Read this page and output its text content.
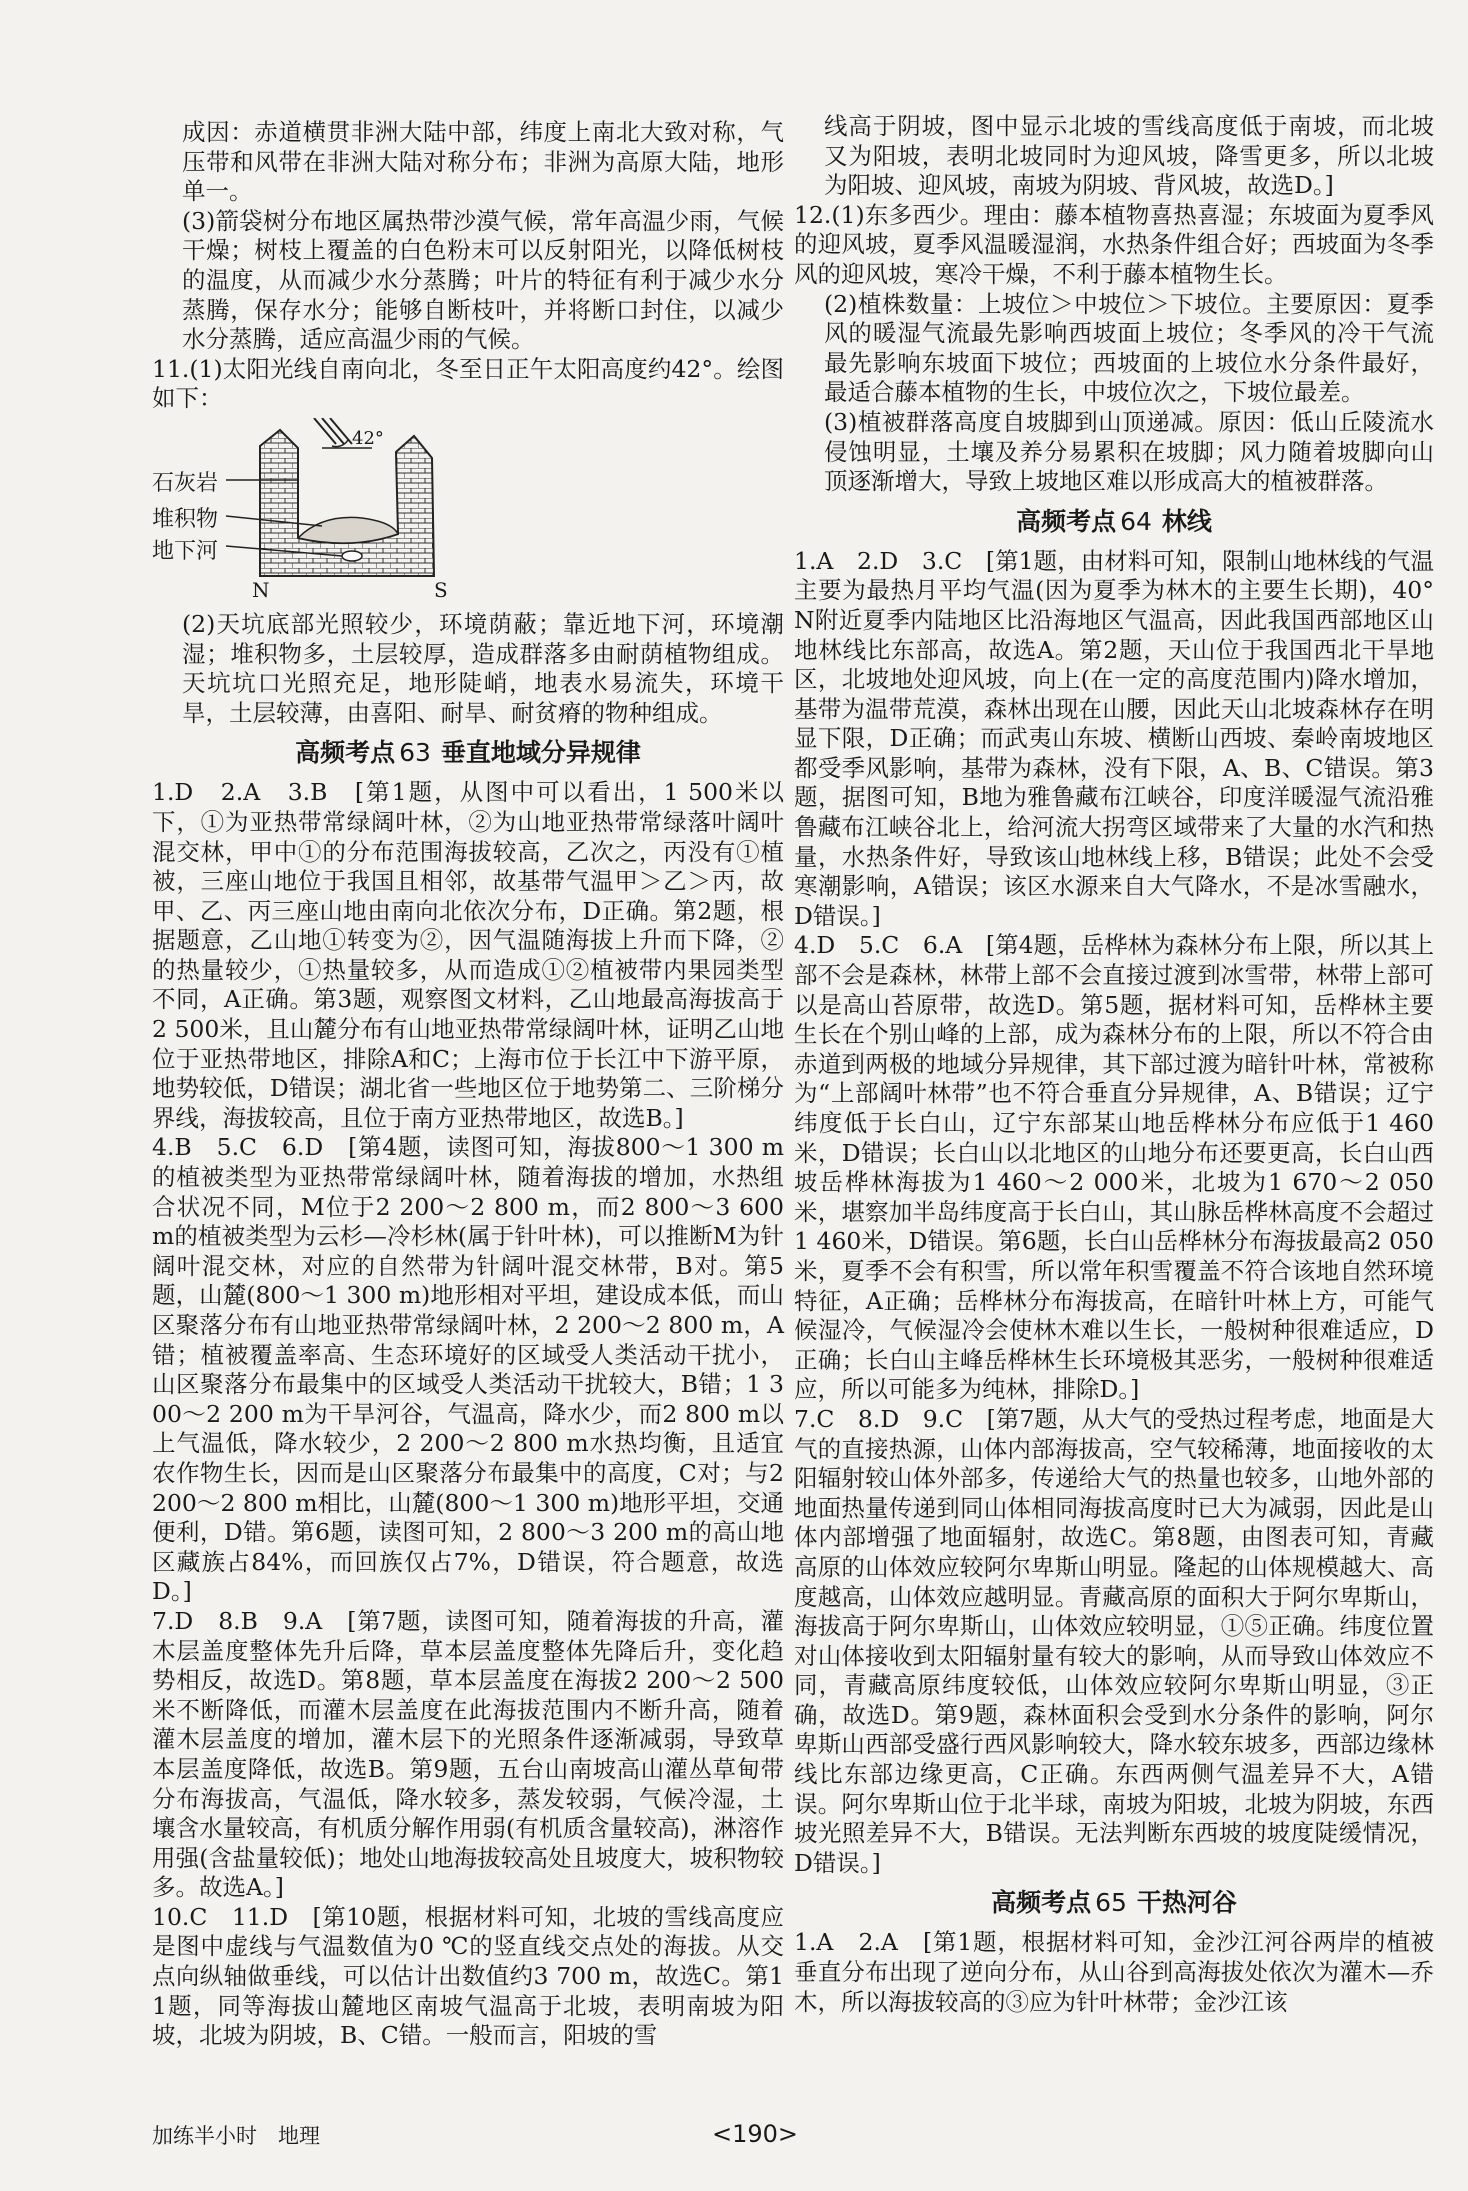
成因：赤道横贯非洲大陆中部，纬度上南北大致对称，气压带和风带在非洲大陆对称分布；非洲为高原大陆，地形单一。

(3)箭袋树分布地区属热带沙漠气候，常年高温少雨，气候干燥；树枝上覆盖的白色粉末可以反射阳光，以降低树枝的温度，从而减少水分蒸腾；叶片的特征有利于减少水分蒸腾，保存水分；能够自断枝叶，并将断口封住，以减少水分蒸腾，适应高温少雨的气候。

11.(1)太阳光线自南向北，冬至日正午太阳高度约42°。绘图如下：

石灰岩
堆积物
地下河
42°
N	S

(2)天坑底部光照较少，环境荫蔽；靠近地下河，环境潮湿；堆积物多，土层较厚，造成群落多由耐荫植物组成。天坑坑口光照充足，地形陡峭，地表水易流失，环境干旱，土层较薄，由喜阳、耐旱、耐贫瘠的物种组成。

高频考点 63 垂直地域分异规律

1.D　2.A　3.B　[第1题，从图中可以看出，1 500米以下，①为亚热带常绿阔叶林，②为山地亚热带常绿落叶阔叶混交林，甲中①的分布范围海拔较高，乙次之，丙没有①植被，三座山地位于我国且相邻，故基带气温甲＞乙＞丙，故甲、乙、丙三座山地由南向北依次分布，D正确。第2题，根据题意，乙山地①转变为②，因气温随海拔上升而下降，②的热量较少，①热量较多，从而造成①②植被带内果园类型不同，A正确。第3题，观察图文材料，乙山地最高海拔高于2 500米，且山麓分布有山地亚热带常绿阔叶林，证明乙山地位于亚热带地区，排除A和C；上海市位于长江中下游平原，地势较低，D错误；湖北省一些地区位于地势第二、三阶梯分界线，海拔较高，且位于南方亚热带地区，故选B。]

4.B　5.C　6.D　[第4题，读图可知，海拔800～1 300 m的植被类型为亚热带常绿阔叶林，随着海拔的增加，水热组合状况不同，M位于2 200～2 800 m，而2 800～3 600 m的植被类型为云杉—冷杉林(属于针叶林)，可以推断M为针阔叶混交林，对应的自然带为针阔叶混交林带，B对。第5题，山麓(800～1 300 m)地形相对平坦，建设成本低，而山区聚落分布有山地亚热带常绿阔叶林，2 200～2 800 m，A错；植被覆盖率高、生态环境好的区域受人类活动干扰小，山区聚落分布最集中的区域受人类活动干扰较大，B错；1 300～2 200 m为干旱河谷，气温高，降水少，而2 800 m以上气温低，降水较少，2 200～2 800 m水热均衡，且适宜农作物生长，因而是山区聚落分布最集中的高度，C对；与2 200～2 800 m相比，山麓(800～1 300 m)地形平坦，交通便利，D错。第6题，读图可知，2 800～3 200 m的高山地区藏族占84%，而回族仅占7%，D错误，符合题意，故选D。]

7.D　8.B　9.A　[第7题，读图可知，随着海拔的升高，灌木层盖度整体先升后降，草本层盖度整体先降后升，变化趋势相反，故选D。第8题，草本层盖度在海拔2 200～2 500米不断降低，而灌木层盖度在此海拔范围内不断升高，随着灌木层盖度的增加，灌木层下的光照条件逐渐减弱，导致草本层盖度降低，故选B。第9题，五台山南坡高山灌丛草甸带分布海拔高，气温低，降水较多，蒸发较弱，气候冷湿，土壤含水量较高，有机质分解作用弱(有机质含量较高)，淋溶作用强(含盐量较低)；地处山地海拔较高处且坡度大，坡积物较多。故选A。]

10.C　11.D　[第10题，根据材料可知，北坡的雪线高度应是图中虚线与气温数值为0 ℃的竖直线交点处的海拔。从交点向纵轴做垂线，可以估计出数值约3 700 m，故选C。第11题，同等海拔山麓地区南坡气温高于北坡，表明南坡为阳坡，北坡为阴坡，B、C错。一般而言，阳坡的雪

线高于阴坡，图中显示北坡的雪线高度低于南坡，而北坡又为阳坡，表明北坡同时为迎风坡，降雪更多，所以北坡为阳坡、迎风坡，南坡为阴坡、背风坡，故选D。]

12.(1)东多西少。理由：藤本植物喜热喜湿；东坡面为夏季风的迎风坡，夏季风温暖湿润，水热条件组合好；西坡面为冬季风的迎风坡，寒冷干燥，不利于藤本植物生长。

(2)植株数量：上坡位＞中坡位＞下坡位。主要原因：夏季风的暖湿气流最先影响西坡面上坡位；冬季风的冷干气流最先影响东坡面下坡位；西坡面的上坡位水分条件最好，最适合藤本植物的生长，中坡位次之，下坡位最差。

(3)植被群落高度自坡脚到山顶递减。原因：低山丘陵流水侵蚀明显，土壤及养分易累积在坡脚；风力随着坡脚向山顶逐渐增大，导致上坡地区难以形成高大的植被群落。

高频考点 64 林线

1.A　2.D　3.C　[第1题，由材料可知，限制山地林线的气温主要为最热月平均气温(因为夏季为林木的主要生长期)，40°N附近夏季内陆地区比沿海地区气温高，因此我国西部地区山地林线比东部高，故选A。第2题，天山位于我国西北干旱地区，北坡地处迎风坡，向上(在一定的高度范围内)降水增加，基带为温带荒漠，森林出现在山腰，因此天山北坡森林存在明显下限，D正确；而武夷山东坡、横断山西坡、秦岭南坡地区都受季风影响，基带为森林，没有下限，A、B、C错误。第3题，据图可知，B地为雅鲁藏布江峡谷，印度洋暖湿气流沿雅鲁藏布江峡谷北上，给河流大拐弯区域带来了大量的水汽和热量，水热条件好，导致该山地林线上移，B错误；此处不会受寒潮影响，A错误；该区水源来自大气降水，不是冰雪融水，D错误。]

4.D　5.C　6.A　[第4题，岳桦林为森林分布上限，所以其上部不会是森林，林带上部不会直接过渡到冰雪带，林带上部可以是高山苔原带，故选D。第5题，据材料可知，岳桦林主要生长在个别山峰的上部，成为森林分布的上限，所以不符合由赤道到两极的地域分异规律，其下部过渡为暗针叶林，常被称为“上部阔叶林带”也不符合垂直分异规律，A、B错误；辽宁纬度低于长白山，辽宁东部某山地岳桦林分布应低于1 460米，D错误；长白山以北地区的山地分布还要更高，长白山西坡岳桦林海拔为1 460～2 000米，北坡为1 670～2 050米，堪察加半岛纬度高于长白山，其山脉岳桦林高度不会超过1 460米，D错误。第6题，长白山岳桦林分布海拔最高2 050米，夏季不会有积雪，所以常年积雪覆盖不符合该地自然环境特征，A正确；岳桦林分布海拔高，在暗针叶林上方，可能气候湿冷，气候湿冷会使林木难以生长，一般树种很难适应，D正确；长白山主峰岳桦林生长环境极其恶劣，一般树种很难适应，所以可能多为纯林，排除D。]

7.C　8.D　9.C　[第7题，从大气的受热过程考虑，地面是大气的直接热源，山体内部海拔高，空气较稀薄，地面接收的太阳辐射较山体外部多，传递给大气的热量也较多，山地外部的地面热量传递到同山体相同海拔高度时已大为减弱，因此是山体内部增强了地面辐射，故选C。第8题，由图表可知，青藏高原的山体效应较阿尔卑斯山明显。隆起的山体规模越大、高度越高，山体效应越明显。青藏高原的面积大于阿尔卑斯山，海拔高于阿尔卑斯山，山体效应较明显，①⑤正确。纬度位置对山体接收到太阳辐射量有较大的影响，从而导致山体效应不同，青藏高原纬度较低，山体效应较阿尔卑斯山明显，③正确，故选D。第9题，森林面积会受到水分条件的影响，阿尔卑斯山西部受盛行西风影响较大，降水较东坡多，西部边缘林线比东部边缘更高，C正确。东西两侧气温差异不大，A错误。阿尔卑斯山位于北半球，南坡为阳坡，北坡为阴坡，东西坡光照差异不大，B错误。无法判断东西坡的坡度陡缓情况，D错误。]

高频考点 65 干热河谷

1.A　2.A　[第1题，根据材料可知，金沙江河谷两岸的植被垂直分布出现了逆向分布，从山谷到高海拔处依次为灌木—乔木，所以海拔较高的③应为针叶林带；金沙江该

加练半小时　地理	<190>
